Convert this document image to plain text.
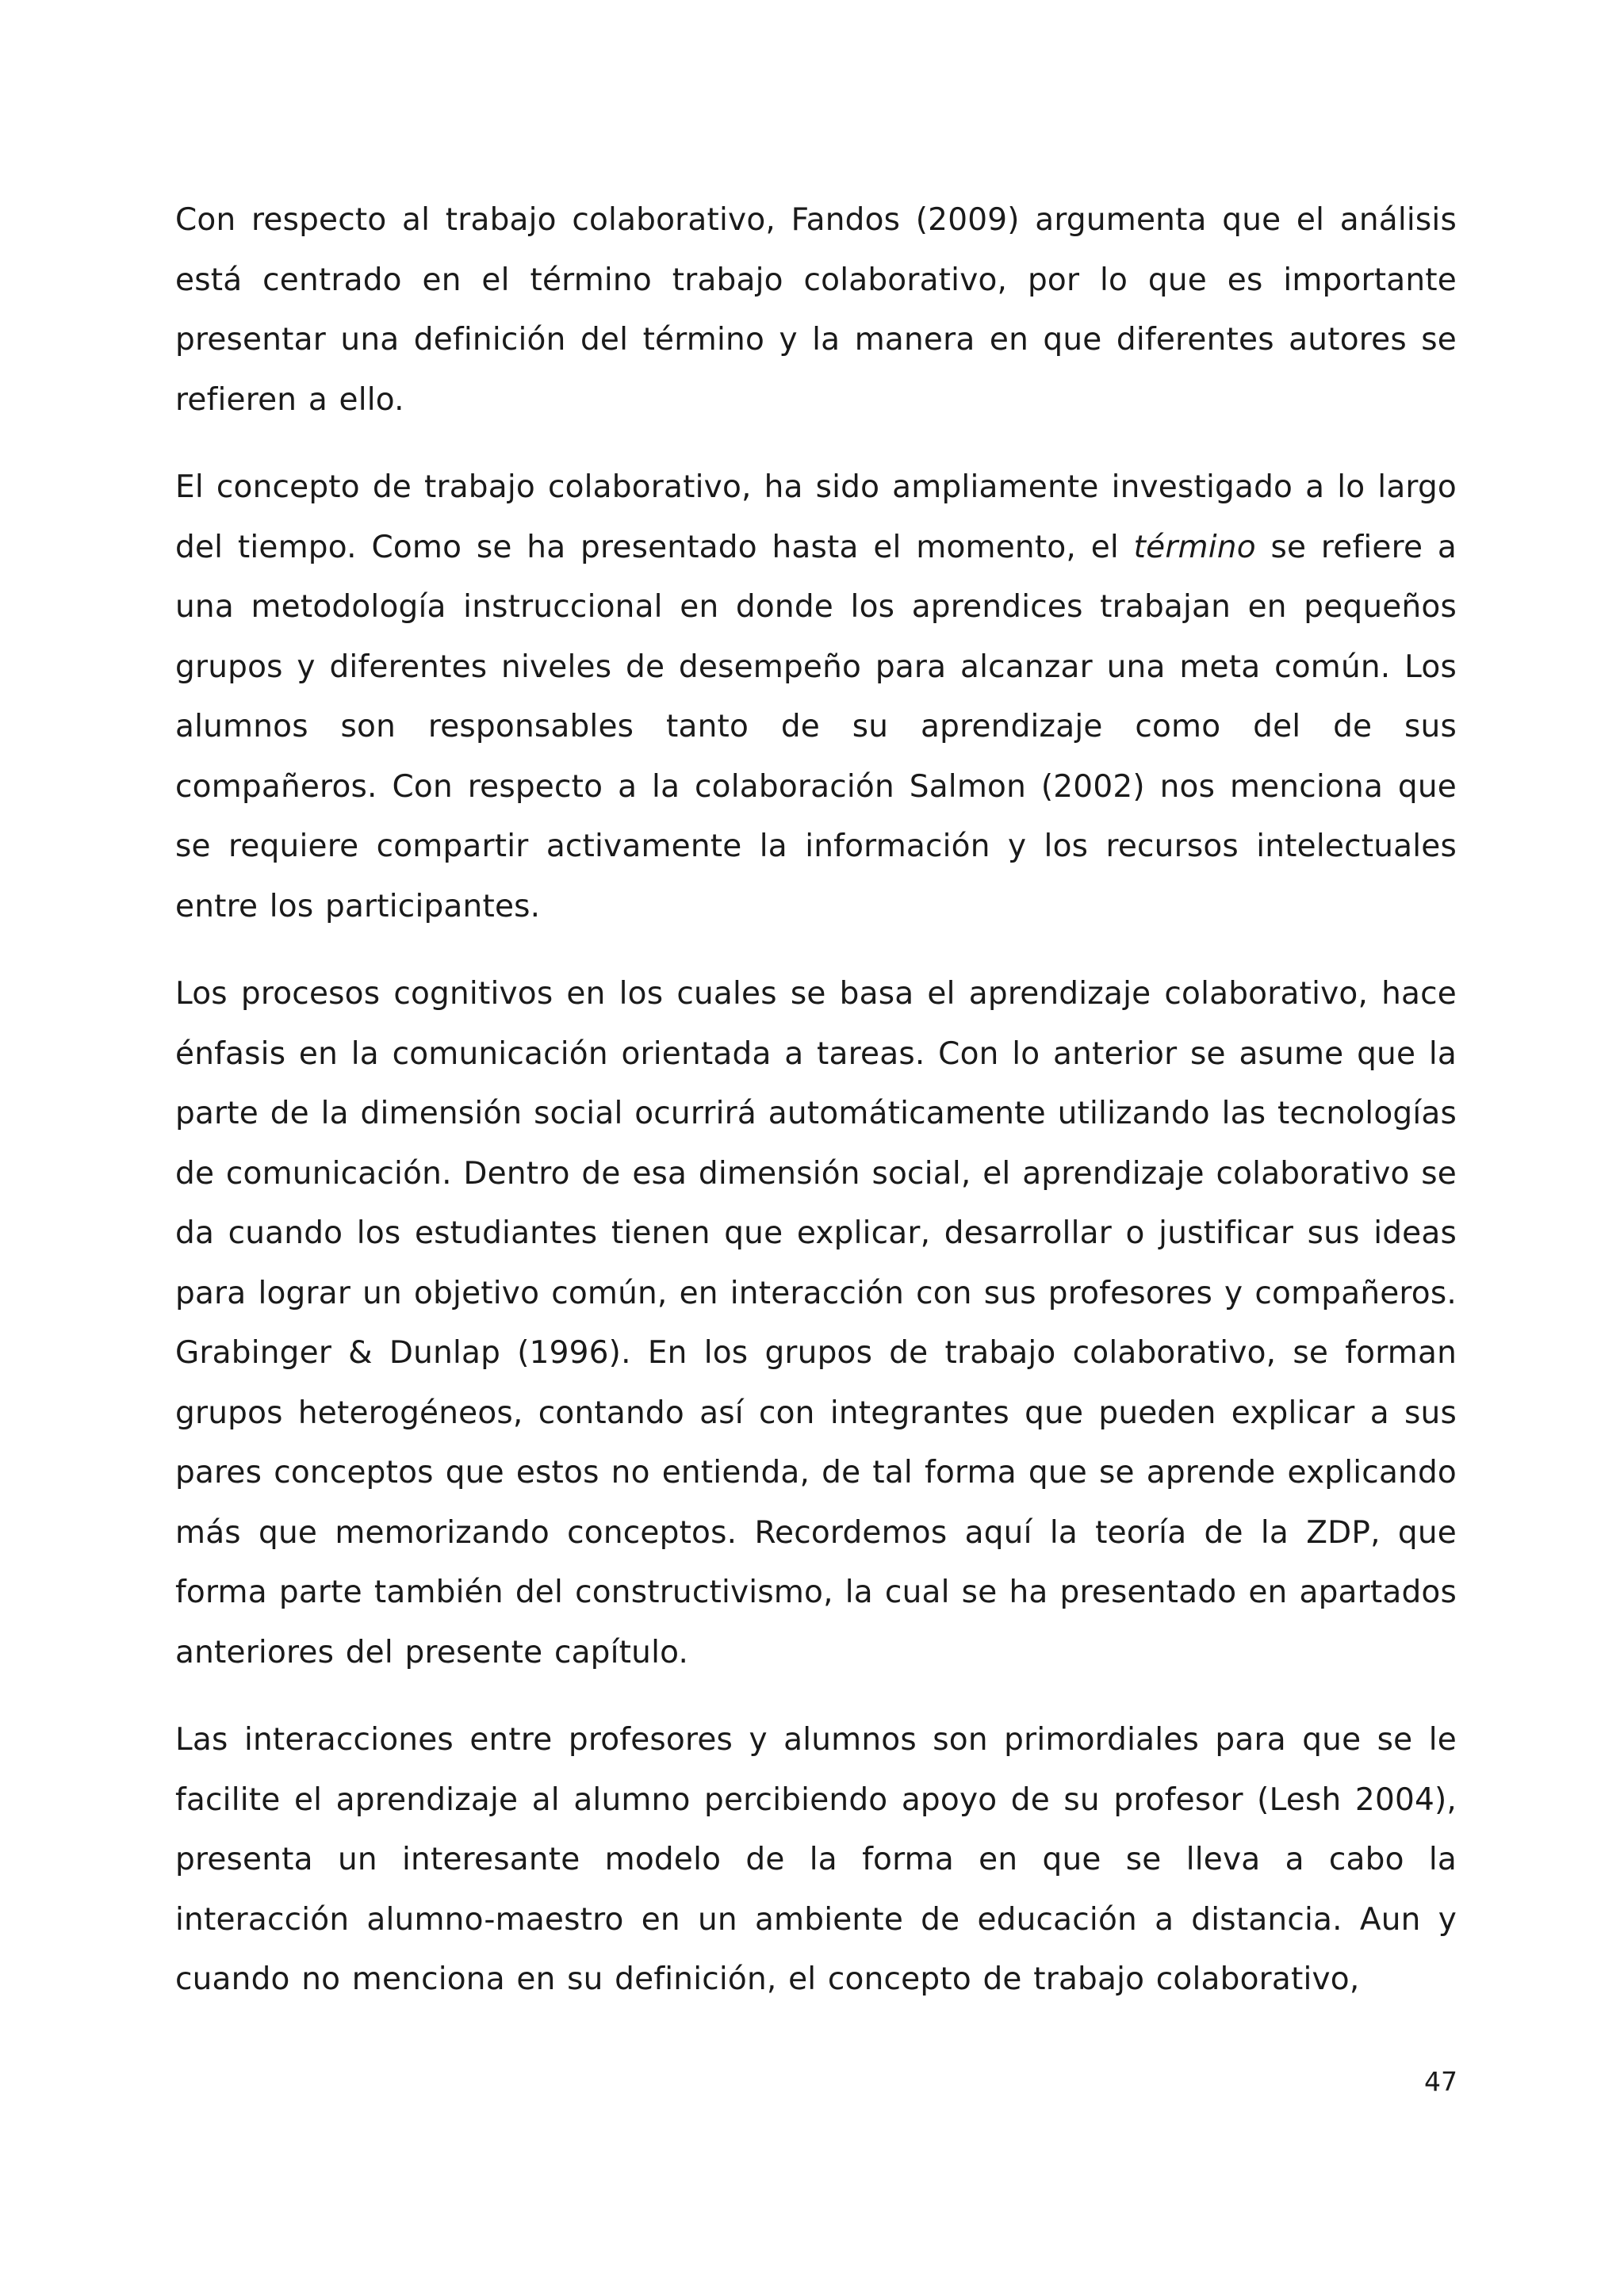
Con respecto al trabajo colaborativo, Fandos (2009) argumenta que el análisis está centrado en el término trabajo colaborativo, por lo que es importante presentar una definición del término y la manera en que diferentes autores se refieren a ello.

El concepto de trabajo colaborativo, ha sido ampliamente investigado a lo largo del tiempo. Como se ha presentado hasta el momento, el término se refiere a una metodología instruccional en donde los aprendices trabajan en pequeños grupos y diferentes niveles de desempeño para alcanzar una meta común. Los alumnos son responsables tanto de su aprendizaje como del de sus compañeros. Con respecto a la colaboración Salmon (2002) nos menciona que se requiere compartir activamente la información y los recursos intelectuales entre los participantes.

Los procesos cognitivos en los cuales se basa el aprendizaje colaborativo, hace énfasis en la comunicación orientada a tareas. Con lo anterior se asume que la parte de la dimensión social ocurrirá automáticamente utilizando las tecnologías de comunicación. Dentro de esa dimensión social, el aprendizaje colaborativo se da cuando los estudiantes tienen que explicar, desarrollar o justificar sus ideas para lograr un objetivo común, en interacción con sus profesores y compañeros. Grabinger & Dunlap (1996). En los grupos de trabajo colaborativo, se forman grupos heterogéneos, contando así con integrantes que pueden explicar a sus pares conceptos que estos no entienda, de tal forma que se aprende explicando más que memorizando conceptos. Recordemos aquí la teoría de la ZDP, que forma parte también del constructivismo, la cual se ha presentado en apartados anteriores del presente capítulo.

Las interacciones entre profesores y alumnos son primordiales para que se le facilite el aprendizaje al alumno percibiendo apoyo de su profesor (Lesh 2004), presenta un interesante modelo de la forma en que se lleva a cabo la interacción alumno-maestro en un ambiente de educación a distancia. Aun y cuando no menciona en su definición, el concepto de trabajo colaborativo,

47
